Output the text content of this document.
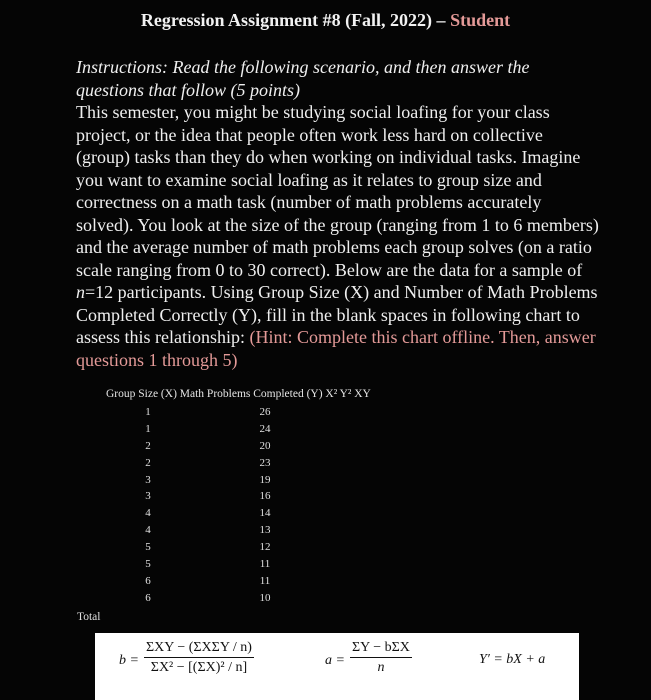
Regression Assignment #8 (Fall, 2022) – Student
Instructions: Read the following scenario, and then answer the questions that follow (5 points)
This semester, you might be studying social loafing for your class project, or the idea that people often work less hard on collective (group) tasks than they do when working on individual tasks. Imagine you want to examine social loafing as it relates to group size and correctness on a math task (number of math problems accurately solved). You look at the size of the group (ranging from 1 to 6 members) and the average number of math problems each group solves (on a ratio scale ranging from 0 to 30 correct). Below are the data for a sample of n=12 participants. Using Group Size (X) and Number of Math Problems Completed Correctly (Y), fill in the blank spaces in following chart to assess this relationship: (Hint: Complete this chart offline. Then, answer questions 1 through 5)
Group Size (X) Math Problems Completed (Y) X² Y² XY
1	26
1	24
2	20
2	23
3	19
3	16
4	14
4	13
5	12
5	11
6	11
6	10
Total
b =
ΣXY − (ΣXΣY / n)
ΣX² − [(ΣX)² / n]	a =
ΣY − bΣX
n
Y′ = bX + a
